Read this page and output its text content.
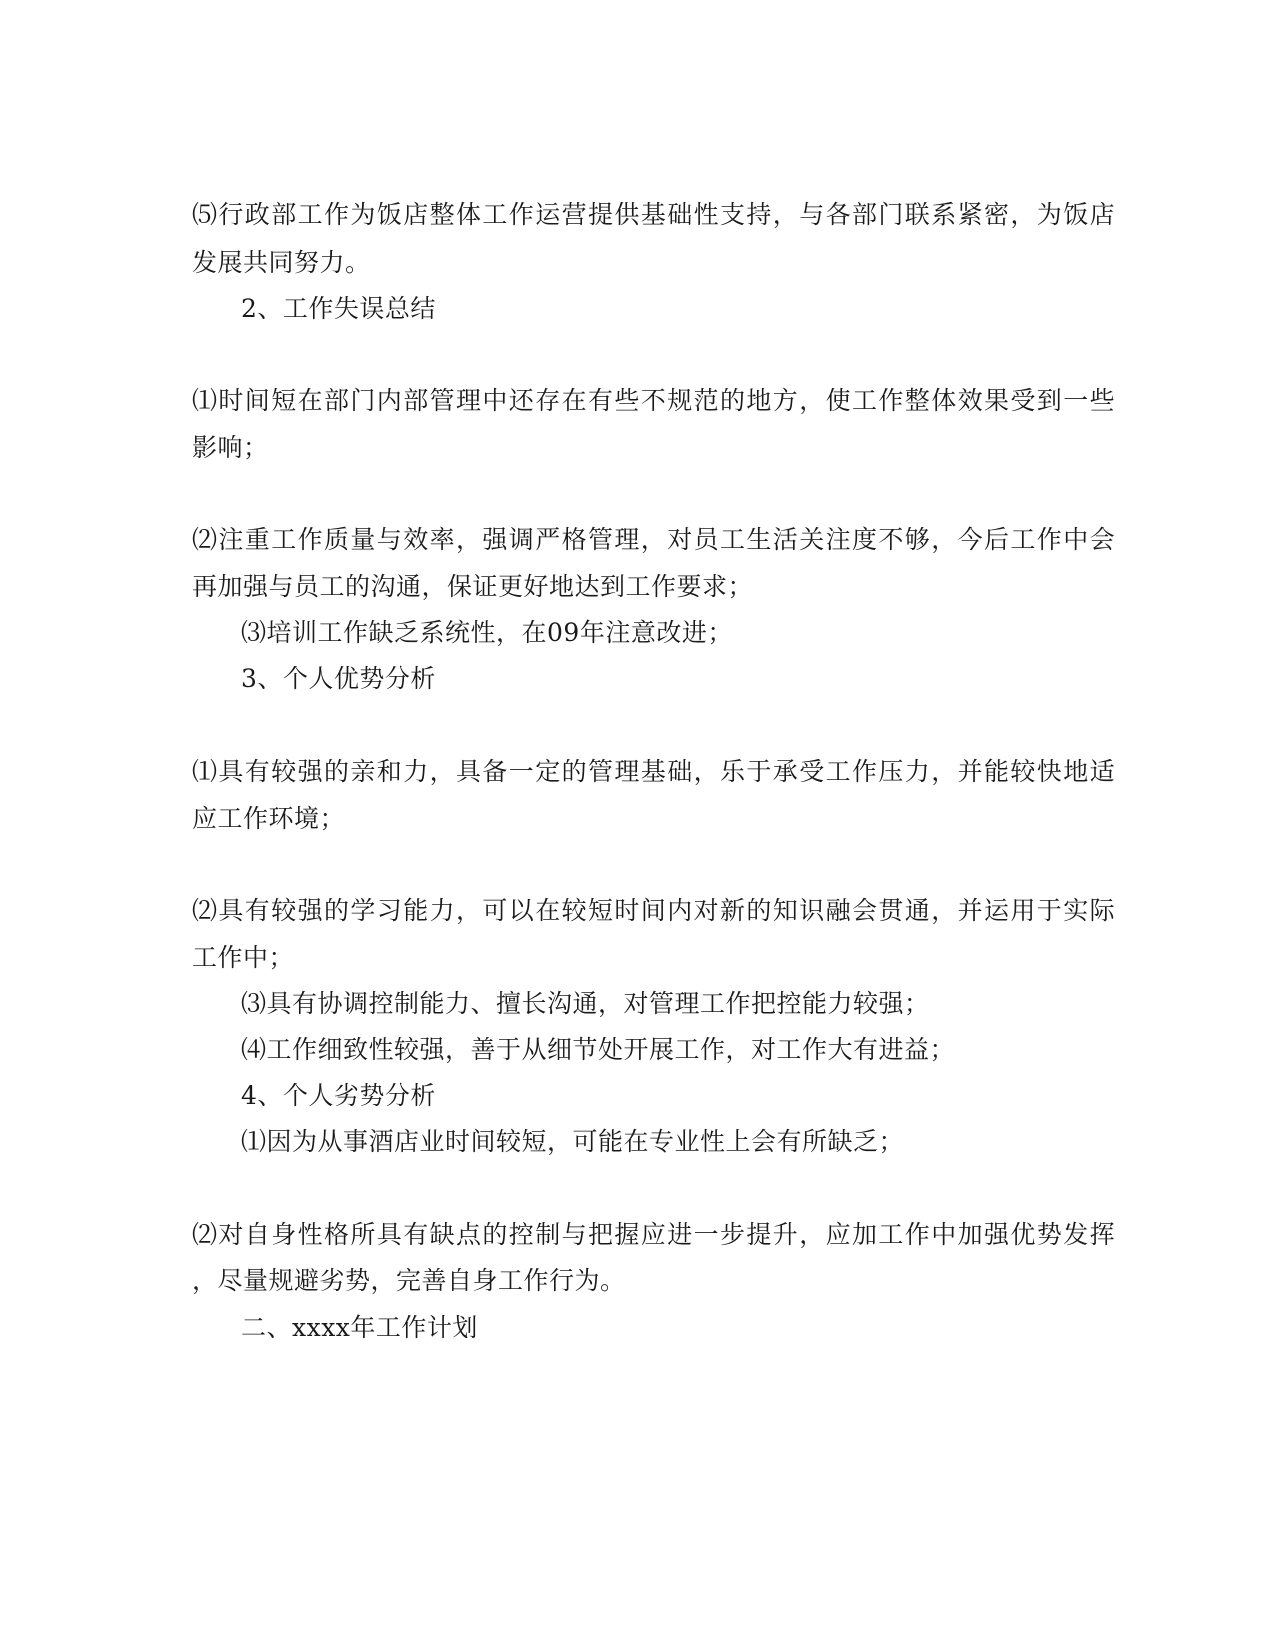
⑸行政部工作为饭店整体工作运营提供基础性支持，与各部门联系紧密，为饭店

发展共同努力。

2、工作失误总结

⑴时间短在部门内部管理中还存在有些不规范的地方，使工作整体效果受到一些

影响；

⑵注重工作质量与效率，强调严格管理，对员工生活关注度不够，今后工作中会

再加强与员工的沟通，保证更好地达到工作要求；

⑶培训工作缺乏系统性，在09年注意改进；

3、个人优势分析

⑴具有较强的亲和力，具备一定的管理基础，乐于承受工作压力，并能较快地适

应工作环境；

⑵具有较强的学习能力，可以在较短时间内对新的知识融会贯通，并运用于实际

工作中；

⑶具有协调控制能力、擅长沟通，对管理工作把控能力较强；

⑷工作细致性较强，善于从细节处开展工作，对工作大有进益；

4、个人劣势分析

⑴因为从事酒店业时间较短，可能在专业性上会有所缺乏；

⑵对自身性格所具有缺点的控制与把握应进一步提升，应加工作中加强优势发挥

，尽量规避劣势，完善自身工作行为。

二、xxxx年工作计划
